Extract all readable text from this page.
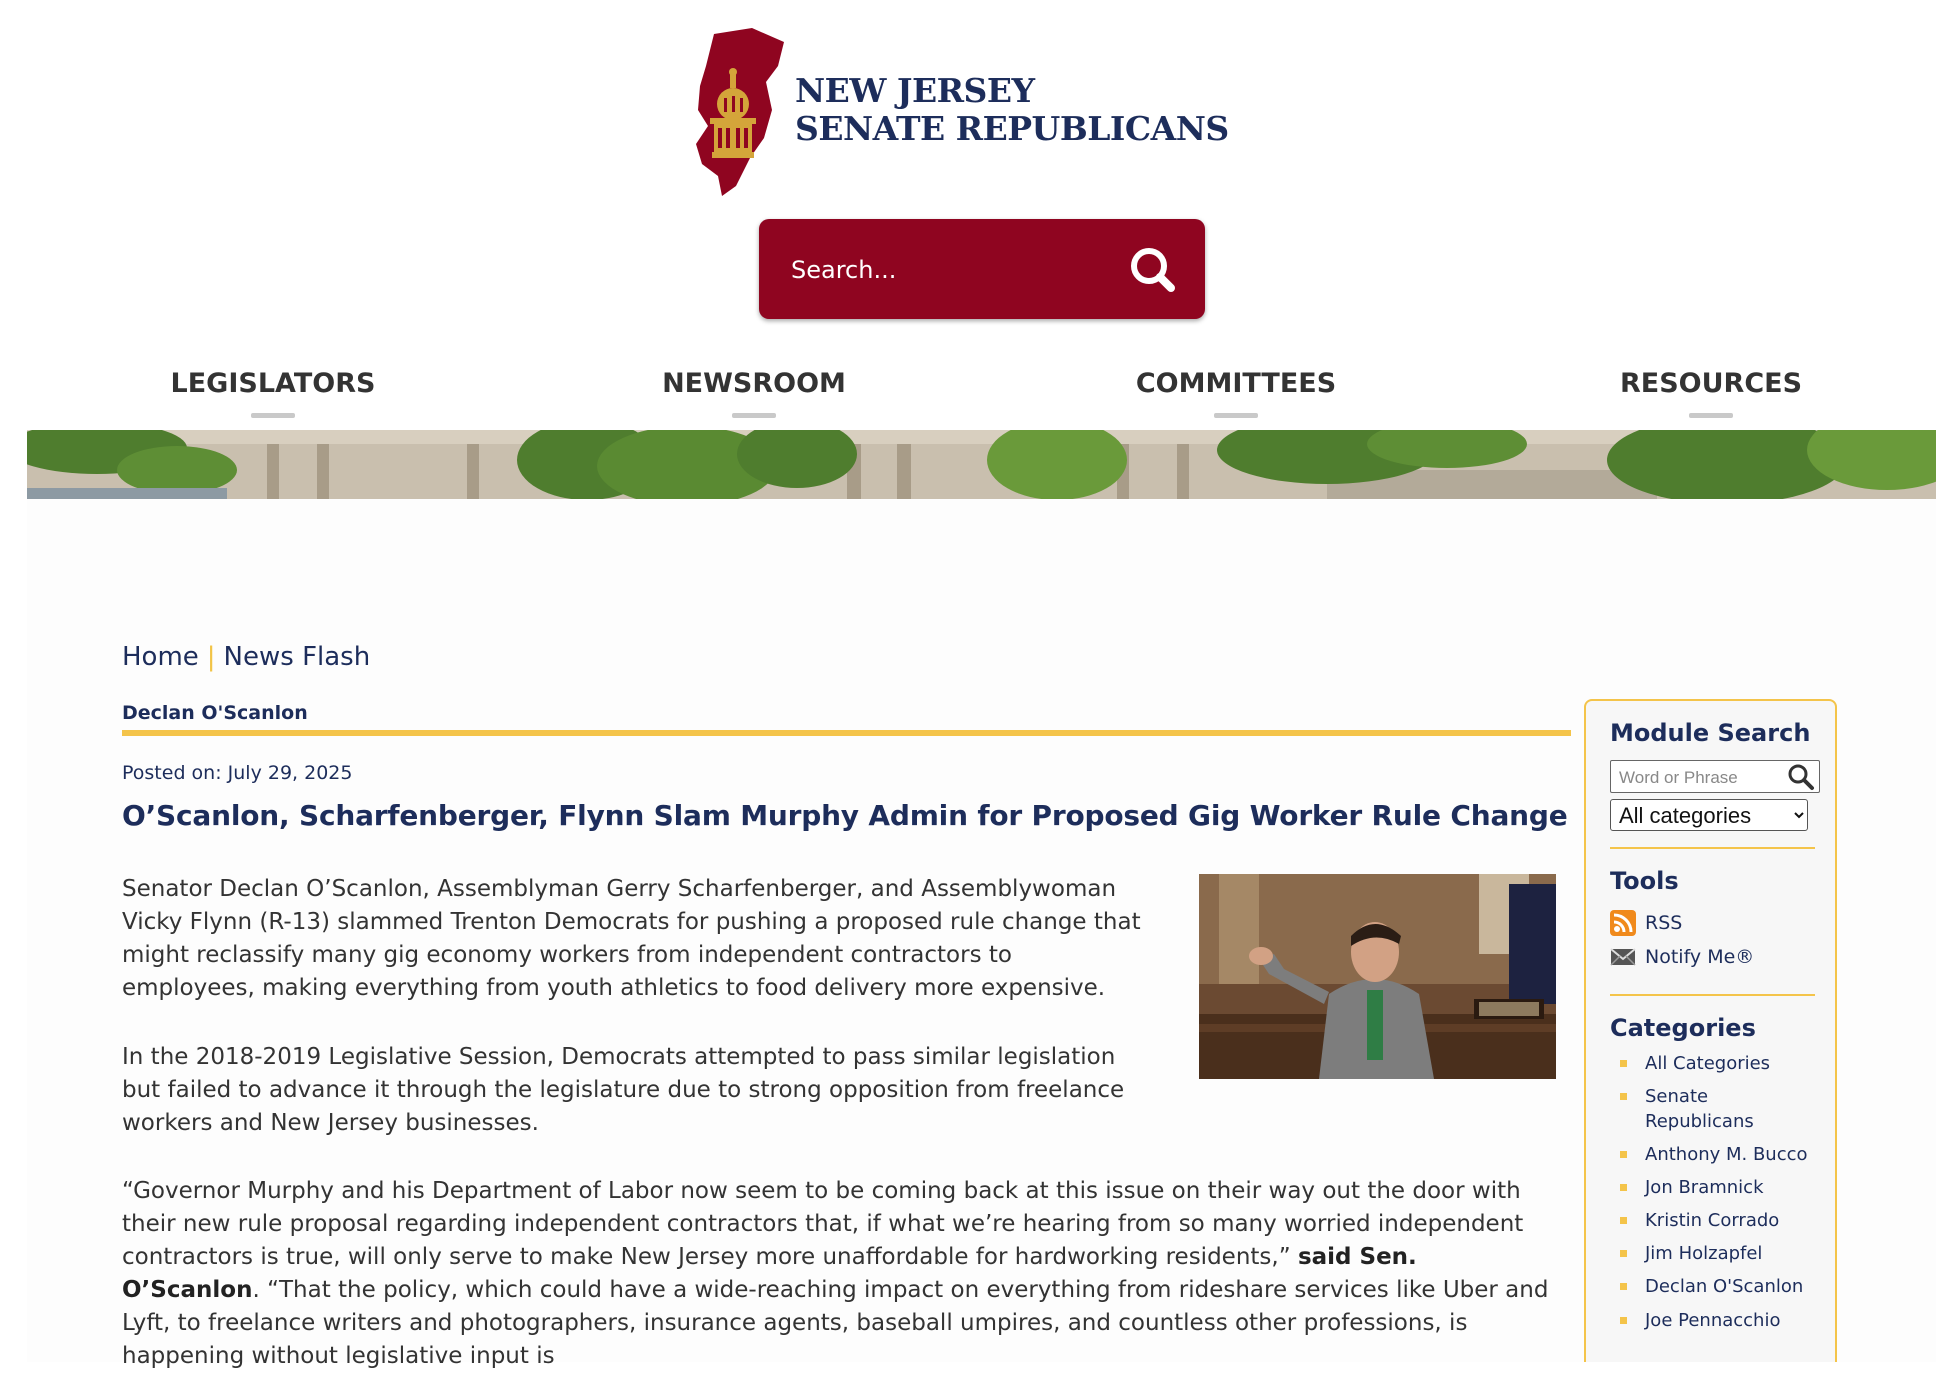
NEW JERSEY
SENATE REPUBLICANS
Search...
LEGISLATORS	NEWSROOM	COMMITTEES	RESOURCES
Home | News Flash
Declan O'Scanlon
Posted on: July 29, 2025
O’Scanlon, Scharfenberger, Flynn Slam Murphy Admin for Proposed Gig Worker Rule Change

Senator Declan O’Scanlon, Assemblyman Gerry Scharfenberger, and Assemblywoman Vicky Flynn (R-13) slammed Trenton Democrats for pushing a proposed rule change that might reclassify many gig economy workers from independent contractors to employees, making everything from youth athletics to food delivery more expensive.

In the 2018-2019 Legislative Session, Democrats attempted to pass similar legislation but failed to advance it through the legislature due to strong opposition from freelance workers and New Jersey businesses.

“Governor Murphy and his Department of Labor now seem to be coming back at this issue on their way out the door with their new rule proposal regarding independent contractors that, if what we’re hearing from so many worried independent contractors is true, will only serve to make New Jersey more unaffordable for hardworking residents,” said Sen. O’Scanlon. “That the policy, which could have a wide-reaching impact on everything from rideshare services like Uber and Lyft, to freelance writers and photographers, insurance agents, baseball umpires, and countless other professions, is happening without legislative input is

Module Search
Word or Phrase
All categories
Tools
RSS
Notify Me®
Categories
All Categories
Senate Republicans
Anthony M. Bucco
Jon Bramnick
Kristin Corrado
Jim Holzapfel
Declan O'Scanlon
Joe Pennacchio
